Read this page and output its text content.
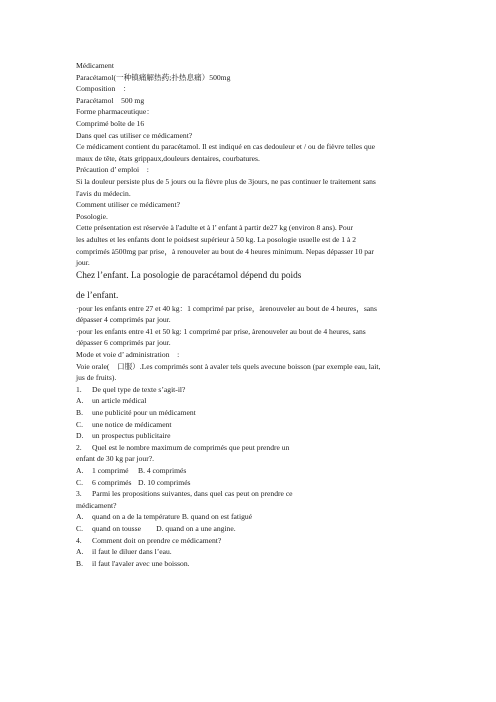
Médicament
Paracétamol(一种镇痛解热药;扑热息痛）500mg
Composition　：
Paracétamol　500 mg
Forme pharmaceutique：
Comprimé boîte de 16
Dans quel cas utiliser ce médicament?
Ce médicament contient du paracétamol. Il est indiqué en cas dedouleur et / ou de fièvre telles que
maux de tête, états grippaux,douleurs dentaires, courbatures.
Précaution d’ emploi　:
Si la douleur persiste plus de 5 jours ou la fièvre plus de 3jours, ne pas continuer le traitement sans
l'avis du médecin.
Comment utiliser ce médicament?
Posologie.
Cette présentation est réservée à l'adulte et à l’ enfant à partir de27 kg (environ 8 ans). Pour
les adultes et les enfants dont le poidsest supérieur à 50 kg. La posologie usuelle est de 1 à 2
comprimés à500mg par prise，à renouveler au bout de 4 heures minimum. Nepas dépasser 10 par
jour.
Chez l’enfant. La posologie de paracétamol dépend du poids
de l’enfant.
·pour les enfants entre 27 et 40 kg：1 comprimé par prise，àrenouveler au bout de 4 heures，sans
dépasser 4 comprimés par jour.
·pour les enfants entre 41 et 50 kg: 1 comprimé par prise, àrenouveler au bout de 4 heures, sans
dépasser 6 comprimés par jour.
Mode et voie d’ administration　:
Voie orale(　口服）.Les comprimés sont à avaler tels quels avecune boisson (par exemple eau, lait,
jus de fruits).
1.	De quel type de texte s’agit-il?
A.	un article médical
B.	une publicité pour un médicament
C.	une notice de médicament
D.	un prospectus publicitaire
2.	Quel est le nombre maximum de comprimés que peut prendre un
enfant de 30 kg par jour?.
A.	1 comprimé	B. 4 comprimés
C.	6 comprimés D. 10 comprimés
3.	Parmi les propositions suivantes, dans quel cas peut on prendre ce
médicament?
A.	quand on a de la température B. quand on est fatigué
C.	quand on tousse　　D. quand on a une angine.
4.	Comment doit on prendre ce médicament?
A.	il faut le diluer dans l’eau.
B.	il faut l'avaler avec une boisson.
